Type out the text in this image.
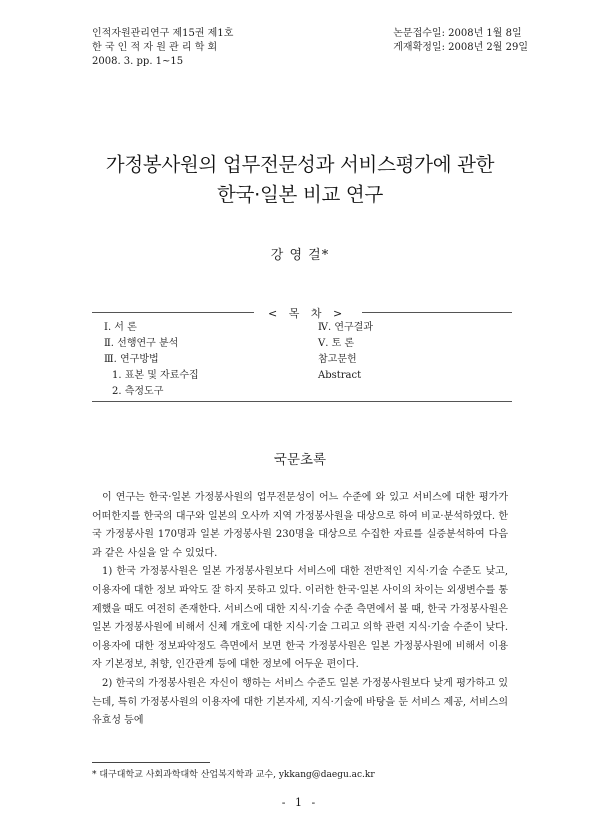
인적자원관리연구 제15권 제1호
한 국 인 적 자 원 관 리 학 회
2008. 3. pp. 1~15
논문접수일: 2008년 1월 8일
게재확정일: 2008년 2월 29일
가정봉사원의 업무전문성과 서비스평가에 관한
한국·일본 비교 연구
강 영 걸*
< 목 차 >
Ⅰ. 서 론
Ⅱ. 선행연구 분석
Ⅲ. 연구방법
1. 표본 및 자료수집
2. 측정도구
Ⅳ. 연구결과
Ⅴ. 토 론
참고문헌
Abstract
국문초록

이 연구는 한국·일본 가정봉사원의 업무전문성이 어느 수준에 와 있고 서비스에 대한 평가가 어떠한지를 한국의 대구와 일본의 오사까 지역 가정봉사원을 대상으로 하여 비교·분석하였다. 한국 가정봉사원 170명과 일본 가정봉사원 230명을 대상으로 수집한 자료를 실증분석하여 다음과 같은 사실을 알 수 있었다.

1) 한국 가정봉사원은 일본 가정봉사원보다 서비스에 대한 전반적인 지식·기술 수준도 낮고, 이용자에 대한 정보 파악도 잘 하지 못하고 있다. 이러한 한국·일본 사이의 차이는 외생변수를 통제했을 때도 여전히 존재한다. 서비스에 대한 지식·기술 수준 측면에서 볼 때, 한국 가정봉사원은 일본 가정봉사원에 비해서 신체 개호에 대한 지식·기술 그리고 의학 관련 지식·기술 수준이 낮다. 이용자에 대한 정보파악정도 측면에서 보면 한국 가정봉사원은 일본 가정봉사원에 비해서 이용자 기본정보, 취향, 인간관계 등에 대한 정보에 어두운 편이다.

2) 한국의 가정봉사원은 자신이 행하는 서비스 수준도 일본 가정봉사원보다 낮게 평가하고 있는데, 특히 가정봉사원의 이용자에 대한 기본자세, 지식·기술에 바탕을 둔 서비스 제공, 서비스의 유효성 등에

* 대구대학교 사회과학대학 산업복지학과 교수, ykkang@daegu.ac.kr
- 1 -
